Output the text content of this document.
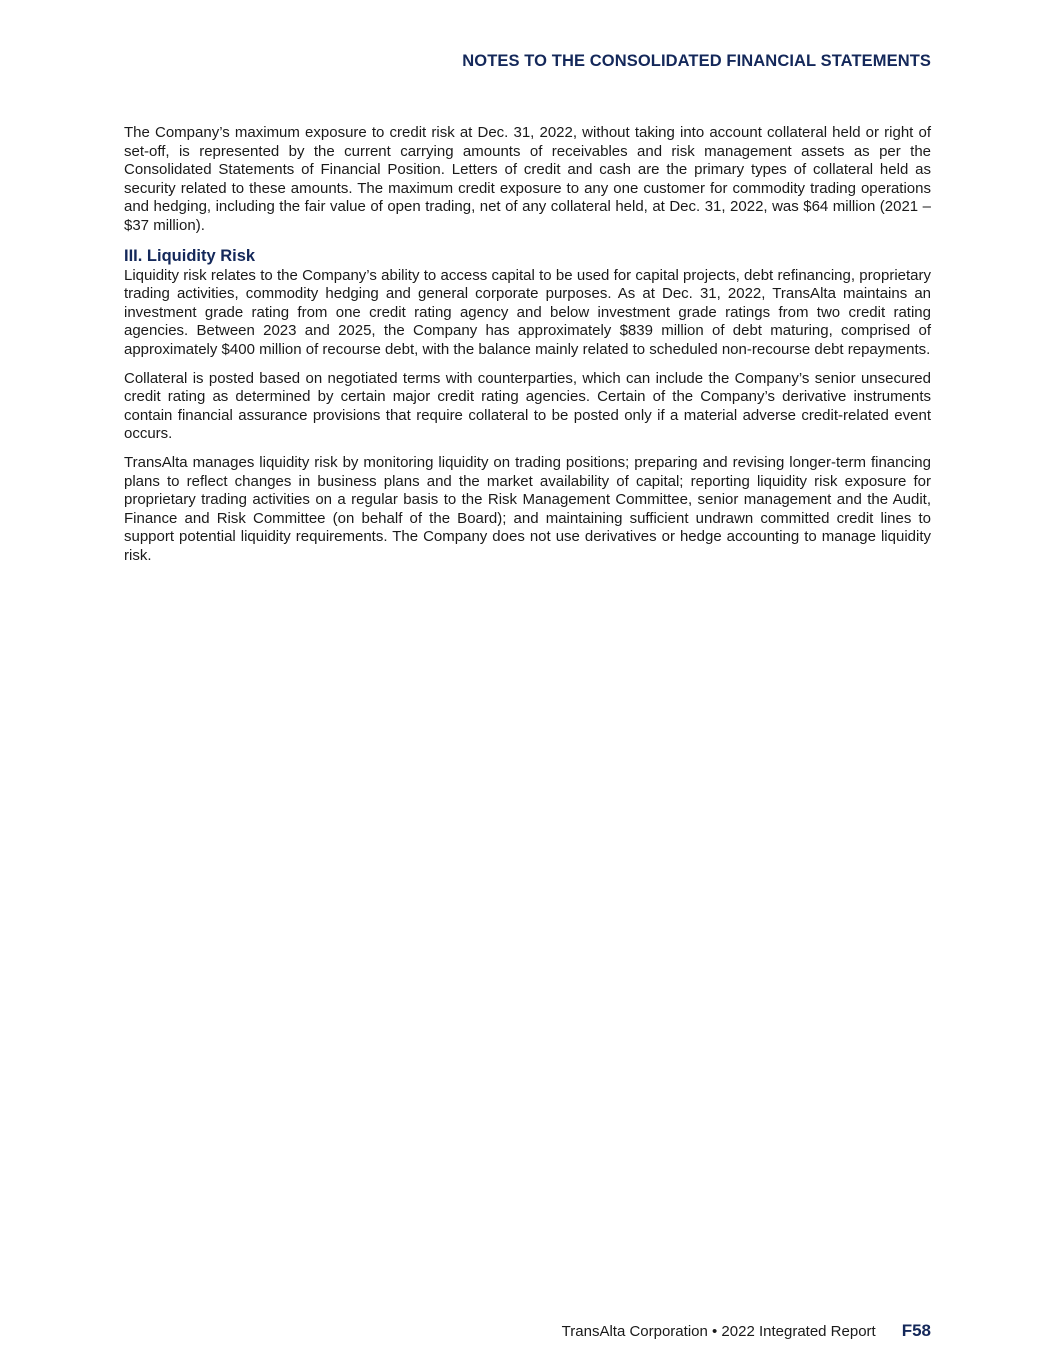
NOTES TO THE CONSOLIDATED FINANCIAL STATEMENTS

The Company’s maximum exposure to credit risk at Dec. 31, 2022, without taking into account collateral held or right of set-off, is represented by the current carrying amounts of receivables and risk management assets as per the Consolidated Statements of Financial Position. Letters of credit and cash are the primary types of collateral held as security related to these amounts. The maximum credit exposure to any one customer for commodity trading operations and hedging, including the fair value of open trading, net of any collateral held, at Dec. 31, 2022, was $64 million (2021 – $37 million).

III. Liquidity Risk

Liquidity risk relates to the Company’s ability to access capital to be used for capital projects, debt refinancing, proprietary trading activities, commodity hedging and general corporate purposes. As at Dec. 31, 2022, TransAlta maintains an investment grade rating from one credit rating agency and below investment grade ratings from two credit rating agencies. Between 2023 and 2025, the Company has approximately $839 million of debt maturing, comprised of approximately $400 million of recourse debt, with the balance mainly related to scheduled non-recourse debt repayments.

Collateral is posted based on negotiated terms with counterparties, which can include the Company’s senior unsecured credit rating as determined by certain major credit rating agencies. Certain of the Company’s derivative instruments contain financial assurance provisions that require collateral to be posted only if a material adverse credit-related event occurs.

TransAlta manages liquidity risk by monitoring liquidity on trading positions; preparing and revising longer-term financing plans to reflect changes in business plans and the market availability of capital; reporting liquidity risk exposure for proprietary trading activities on a regular basis to the Risk Management Committee, senior management and the Audit, Finance and Risk Committee (on behalf of the Board); and maintaining sufficient undrawn committed credit lines to support potential liquidity requirements. The Company does not use derivatives or hedge accounting to manage liquidity risk.

TransAlta Corporation • 2022 Integrated Report F58
